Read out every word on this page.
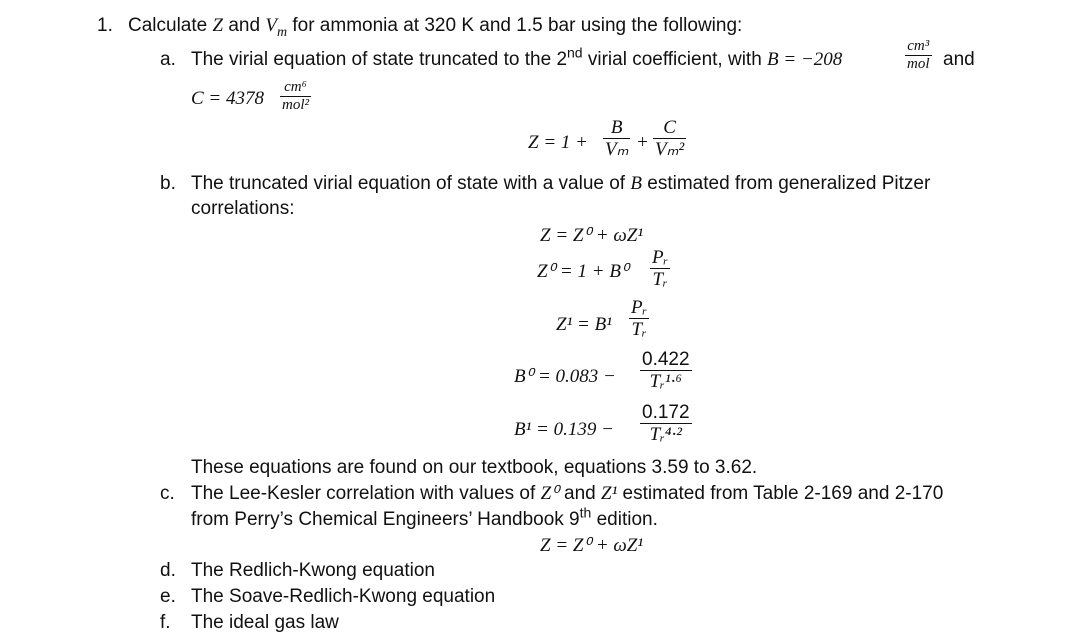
1. Calculate Z and $V_m$ for ammonia at 320 K and 1.5 bar using the following:
a. The virial equation of state truncated to the 2nd virial coefficient, with B = −208
cm³
mol and
C = 4378
cm⁶
mol²
Z = 1 +
B
Vₘ +
C
Vₘ²
b. The truncated virial equation of state with a value of B estimated from generalized Pitzer
correlations:
Z = Z⁰ + ωZ¹
Z⁰ = 1 + B⁰
Pᵣ
Tᵣ
Z¹ = B¹
Pᵣ
Tᵣ
B⁰ = 0.083 −
0.422
Tᵣ¹·⁶
B¹ = 0.139 −
0.172
Tᵣ⁴·²
These equations are found on our textbook, equations 3.59 to 3.62.
c. The Lee-Kesler correlation with values of Z⁰ and Z¹ estimated from Table 2-169 and 2-170
from Perry’s Chemical Engineers’ Handbook 9th edition.
Z = Z⁰ + ωZ¹
d. The Redlich-Kwong equation
e. The Soave-Redlich-Kwong equation
f. The ideal gas law
